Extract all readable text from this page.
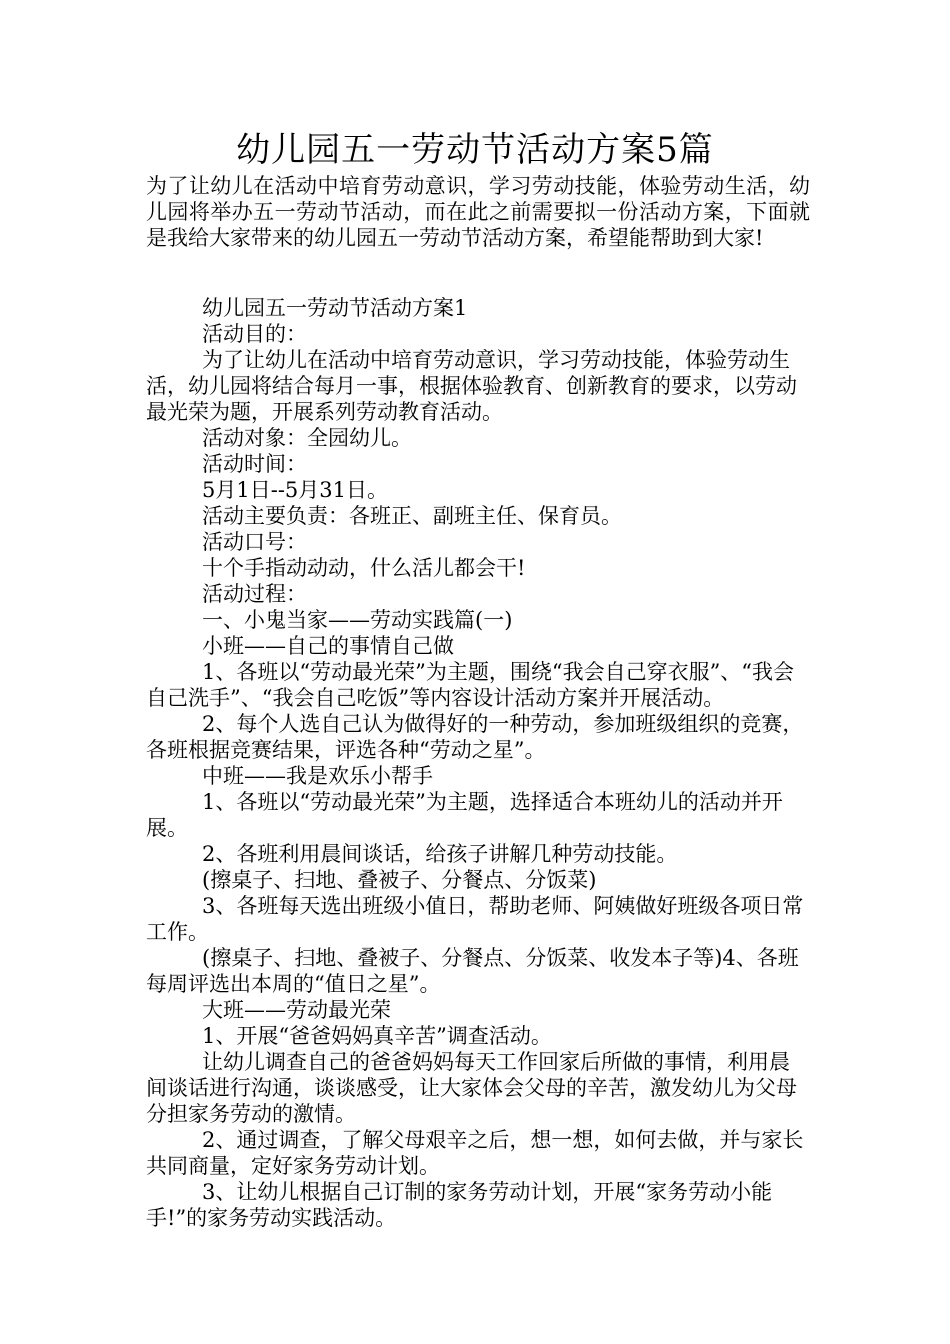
幼儿园五一劳动节活动方案5篇

为了让幼儿在活动中培育劳动意识，学习劳动技能，体验劳动生活，幼儿园将举办五一劳动节活动，而在此之前需要拟一份活动方案，下面就是我给大家带来的幼儿园五一劳动节活动方案，希望能帮助到大家!

幼儿园五一劳动节活动方案1

活动目的：

为了让幼儿在活动中培育劳动意识，学习劳动技能，体验劳动生活，幼儿园将结合每月一事，根据体验教育、创新教育的要求，以劳动最光荣为题，开展系列劳动教育活动。

活动对象：全园幼儿。

活动时间：

5月1日--5月31日。

活动主要负责：各班正、副班主任、保育员。

活动口号：

十个手指动动动，什么活儿都会干!

活动过程：

一、小鬼当家——劳动实践篇(一)

小班——自己的事情自己做

1、各班以“劳动最光荣”为主题，围绕“我会自己穿衣服”、“我会自己洗手”、“我会自己吃饭”等内容设计活动方案并开展活动。

2、每个人选自己认为做得好的一种劳动，参加班级组织的竞赛，各班根据竞赛结果，评选各种“劳动之星”。

中班——我是欢乐小帮手

1、各班以“劳动最光荣”为主题，选择适合本班幼儿的活动并开展。

2、各班利用晨间谈话，给孩子讲解几种劳动技能。

(擦桌子、扫地、叠被子、分餐点、分饭菜)

3、各班每天选出班级小值日，帮助老师、阿姨做好班级各项日常工作。

(擦桌子、扫地、叠被子、分餐点、分饭菜、收发本子等)4、各班每周评选出本周的“值日之星”。

大班——劳动最光荣

1、开展“爸爸妈妈真辛苦”调查活动。

让幼儿调查自己的爸爸妈妈每天工作回家后所做的事情，利用晨间谈话进行沟通，谈谈感受，让大家体会父母的辛苦，激发幼儿为父母分担家务劳动的激情。

2、通过调查，了解父母艰辛之后，想一想，如何去做，并与家长共同商量，定好家务劳动计划。

3、让幼儿根据自己订制的家务劳动计划，开展“家务劳动小能手!”的家务劳动实践活动。
